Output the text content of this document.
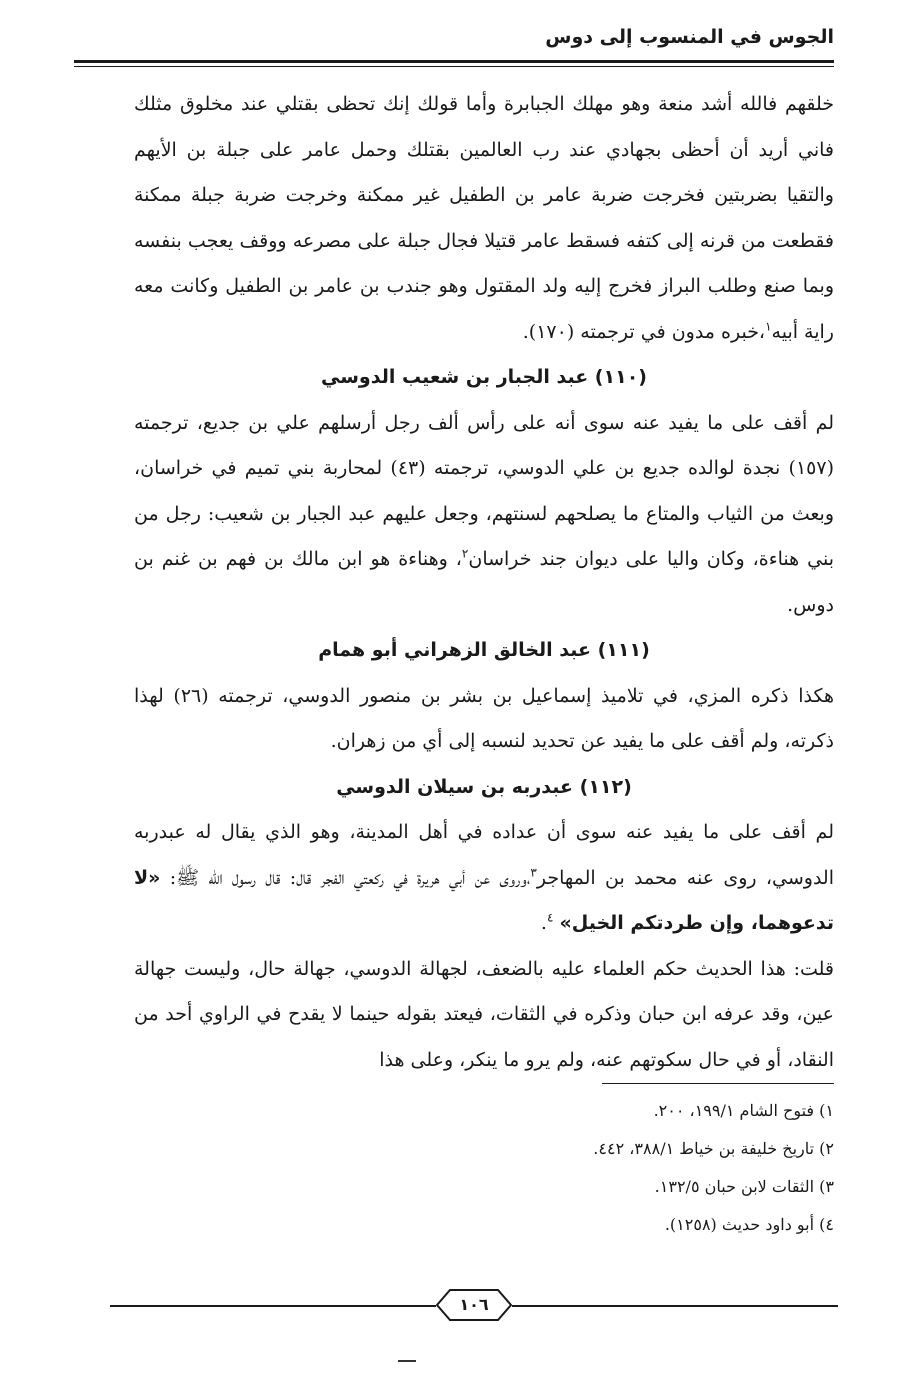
الجوس في المنسوب إلى دوس

خلقهم فالله أشد منعة وهو مهلك الجبابرة وأما قولك إنك تحظى بقتلي عند مخلوق مثلك فاني أريد أن أحظى بجهادي عند رب العالمين بقتلك وحمل عامر على جبلة بن الأيهم والتقيا بضربتين فخرجت ضربة عامر بن الطفيل غير ممكنة وخرجت ضربة جبلة ممكنة فقطعت من قرنه إلى كتفه فسقط عامر قتيلا فجال جبلة على مصرعه ووقف يعجب بنفسه وبما صنع وطلب البراز فخرج إليه ولد المقتول وهو جندب بن عامر بن الطفيل وكانت معه راية أبيه$^١$،خبره مدون في ترجمته (١٧٠).

(١١٠) عبد الجبار بن شعيب الدوسي

لم أقف على ما يفيد عنه سوى أنه على رأس ألف رجل أرسلهم علي بن جديع، ترجمته (١٥٧) نجدة لوالده جديع بن علي الدوسي، ترجمته (٤٣) لمحاربة بني تميم في خراسان، وبعث من الثياب والمتاع ما يصلحهم لسنتهم، وجعل عليهم عبد الجبار بن شعيب: رجل من بني هناءة، وكان واليا على ديوان جند خراسان$^٢$، وهناءة هو ابن مالك بن فهم بن غنم بن دوس.

(١١١) عبد الخالق الزهراني أبو همام

هكذا ذكره المزي، في تلاميذ إسماعيل بن بشر بن منصور الدوسي، ترجمته (٢٦) لهذا ذكرته، ولم أقف على ما يفيد عن تحديد لنسبه إلى أي من زهران.

(١١٢) عبدربه بن سيلان الدوسي

لم أقف على ما يفيد عنه سوى أن عداده في أهل المدينة، وهو الذي يقال له عبدربه الدوسي، روى عنه محمد بن المهاجر$^٣$،وروى عن أبي هريرة في ركعتي الفجر قال: قال رسول الله ﷺ: «لا تدعوهما، وإن طردتكم الخيل» $^٤$.

قلت: هذا الحديث حكم العلماء عليه بالضعف، لجهالة الدوسي، جهالة حال، وليست جهالة عين، وقد عرفه ابن حبان وذكره في الثقات، فيعتد بقوله حينما لا يقدح في الراوي أحد من النقاد، أو في حال سكوتهم عنه، ولم يرو ما ينكر، وعلى هذا

١) فتوح الشام ١٩٩/١، ٢٠٠.

٢) تاريخ خليفة بن خياط ٣٨٨/١، ٤٤٢.

٣) الثقات لابن حبان ١٣٢/٥.

٤) أبو داود حديث (١٢٥٨).

١٠٦
